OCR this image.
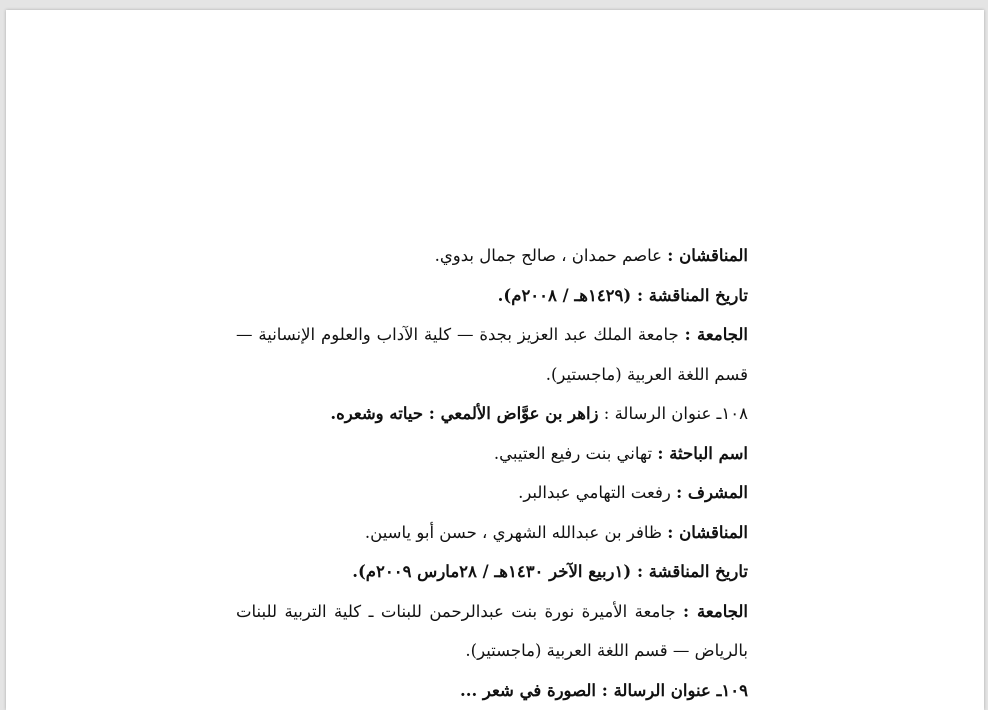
المناقشان : عاصم حمدان ، صالح جمال بدوي.
تاريخ المناقشة : (١٤٢٩هـ / ٢٠٠٨م).
الجامعة : جامعة الملك عبد العزيز بجدة — كلية الآداب والعلوم الإنسانية —
قسم اللغة العربية (ماجستير).
١٠٨ـ عنوان الرسالة : زاهر بن عوَّاض الألمعي : حياته وشعره.
اسم الباحثة : تهاني بنت رفيع العتيبي.
المشرف : رفعت التهامي عبدالبر.
المناقشان : ظافر بن عبدالله الشهري ، حسن أبو ياسين.
تاريخ المناقشة : (١ربيع الآخر ١٤٣٠هـ / ٢٨مارس ٢٠٠٩م).
الجامعة : جامعة الأميرة نورة بنت عبدالرحمن للبنات ـ كلية التربية للبنات
بالرياض — قسم اللغة العربية (ماجستير).
١٠٩ـ عنوان الرسالة : الصورة في شعر ...
